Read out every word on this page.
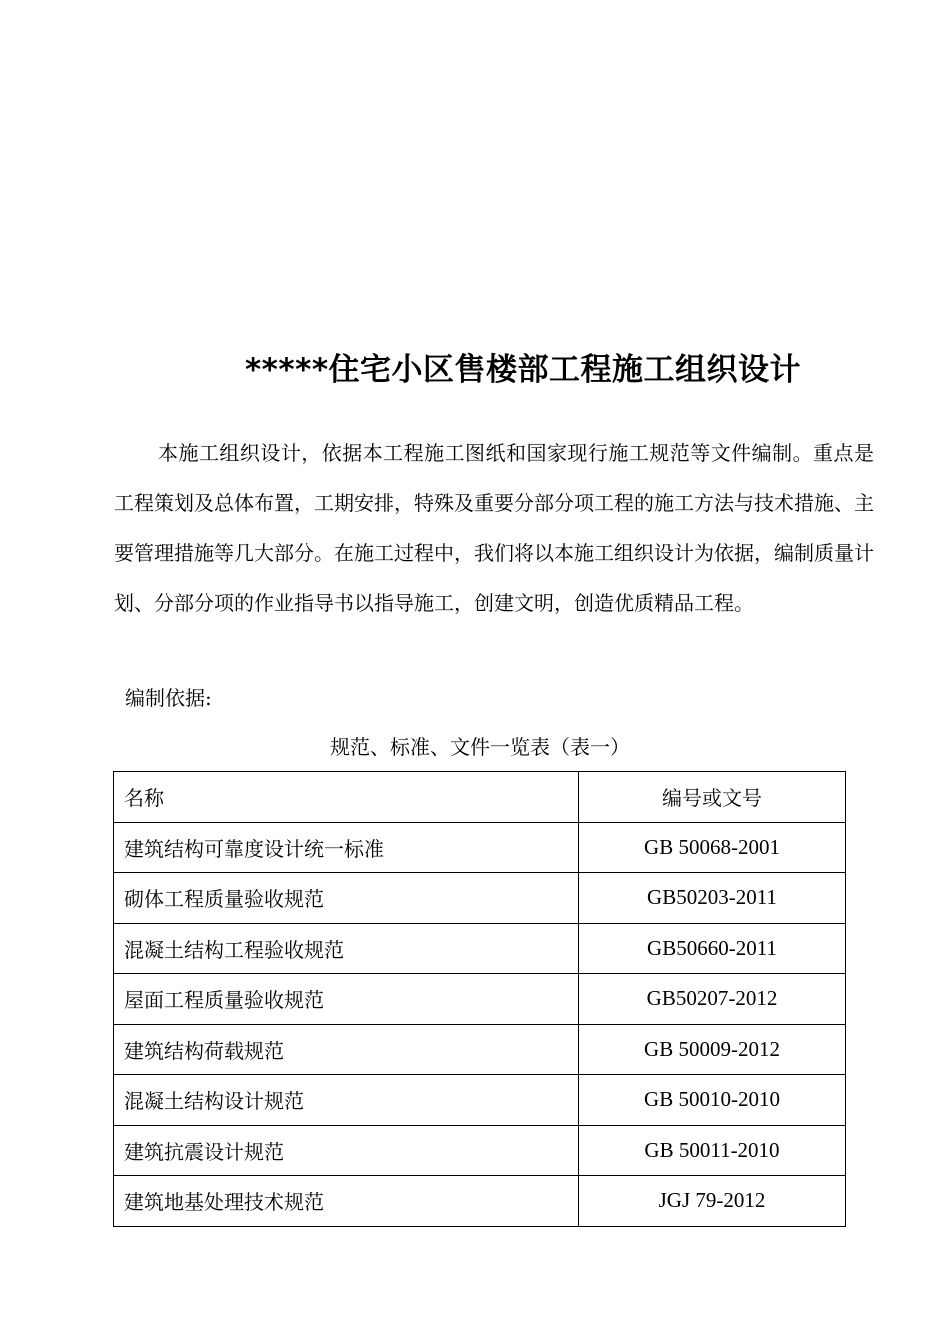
*****住宅小区售楼部工程施工组织设计

本施工组织设计，依据本工程施工图纸和国家现行施工规范等文件编制。重点是工程策划及总体布置，工期安排，特殊及重要分部分项工程的施工方法与技术措施、主要管理措施等几大部分。在施工过程中，我们将以本施工组织设计为依据，编制质量计划、分部分项的作业指导书以指导施工，创建文明，创造优质精品工程。

编制依据:

规范、标准、文件一览表（表一）

名称	编号或文号
建筑结构可靠度设计统一标准	GB 50068-2001
砌体工程质量验收规范	GB50203-2011
混凝土结构工程验收规范	GB50660-2011
屋面工程质量验收规范	GB50207-2012
建筑结构荷载规范	GB 50009-2012
混凝土结构设计规范	GB 50010-2010
建筑抗震设计规范	GB 50011-2010
建筑地基处理技术规范	JGJ 79-2012
